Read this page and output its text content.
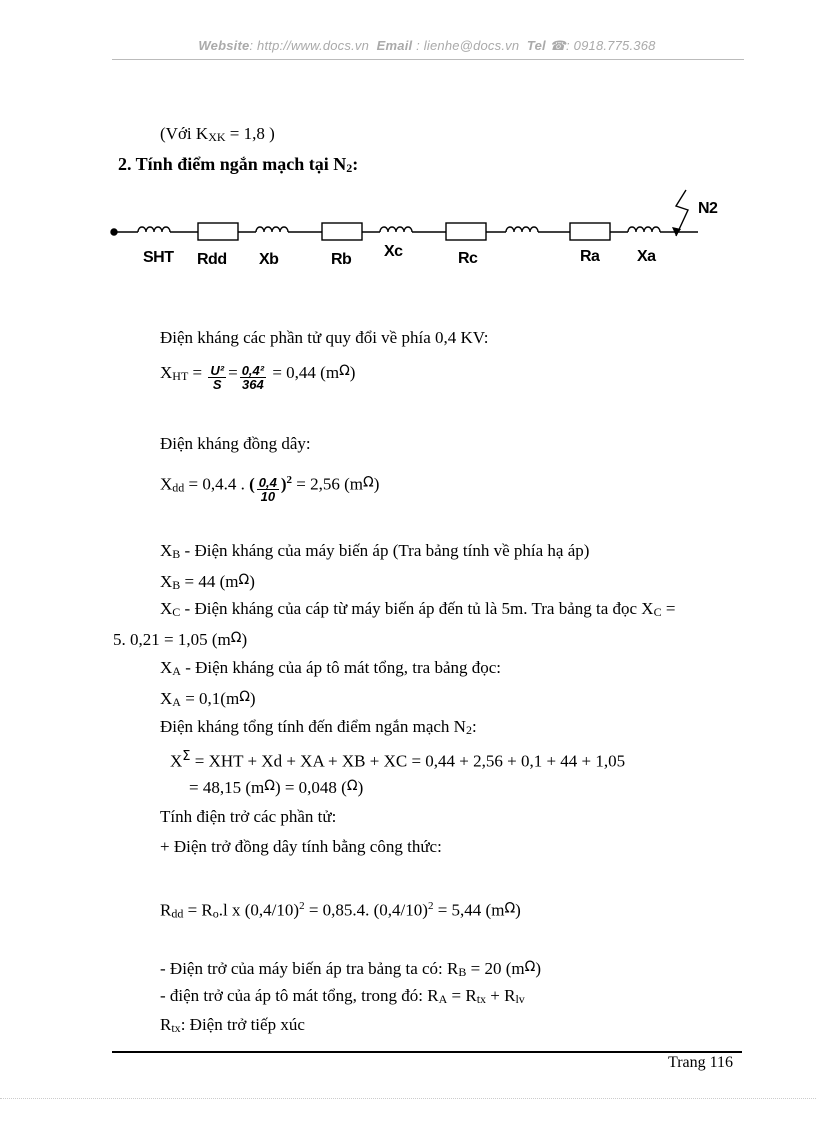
Website: http://www.docs.vn Email : lienhe@docs.vn Tel ☎: 0918.775.368
(Với $K_{XK} = 1,8$ )
2. Tính điểm ngắn mạch tại $N_2$:
N2
SHT Rdd Xb	Rb Xc	Rc	Ra Xa
Điện kháng các phần tử quy đổi về phía 0,4 KV:
$X_{HT} = \frac{\text{U²}}{S} = \frac{\text{0,4²}}{364} = 0,44$ (mΩ)
Điện kháng đồng dây:
$X_{dd} = 0,4.4$ . ( $\frac{0,4}{10} )^2 = 2,56$ (mΩ)
$X_B$ - Điện kháng của máy biến áp (Tra bảng tính về phía hạ áp)
$X_B = 44$ (mΩ)
$X_C$ - Điện kháng của cáp từ máy biến áp đến tủ là 5m. Tra bảng ta đọc $X_C$ =
5. 0,21 = 1,05 (mΩ)
$X_A$ - Điện kháng của áp tô mát tổng, tra bảng đọc:
$X_A = 0,1(m\Omega)$
Điện kháng tổng tính đến điểm ngắn mạch $N_2$:
$X^\Sigma$ = XHT + Xd + XA + XB + XC = 0,44 + 2,56 + 0,1 + 44 + 1,05
= 48,15 (mΩ) = 0,048 (Ω)
Tính điện trở các phần tử:
+ Điện trở đồng dây tính bằng công thức:
$R_{dd} = R_o.l$ x $(0,4/10)^2 = 0,85.4$. $(0,4/10)^2 = 5,44$ (mΩ)
- Điện trở của máy biến áp tra bảng ta có: $R_B = 20$ (mΩ)
- điện trở của áp tô mát tổng, trong đó: $R_A = R_{tx} + R_{lv}$
$R_{tx}$: Điện trở tiếp xúc
Trang 116
